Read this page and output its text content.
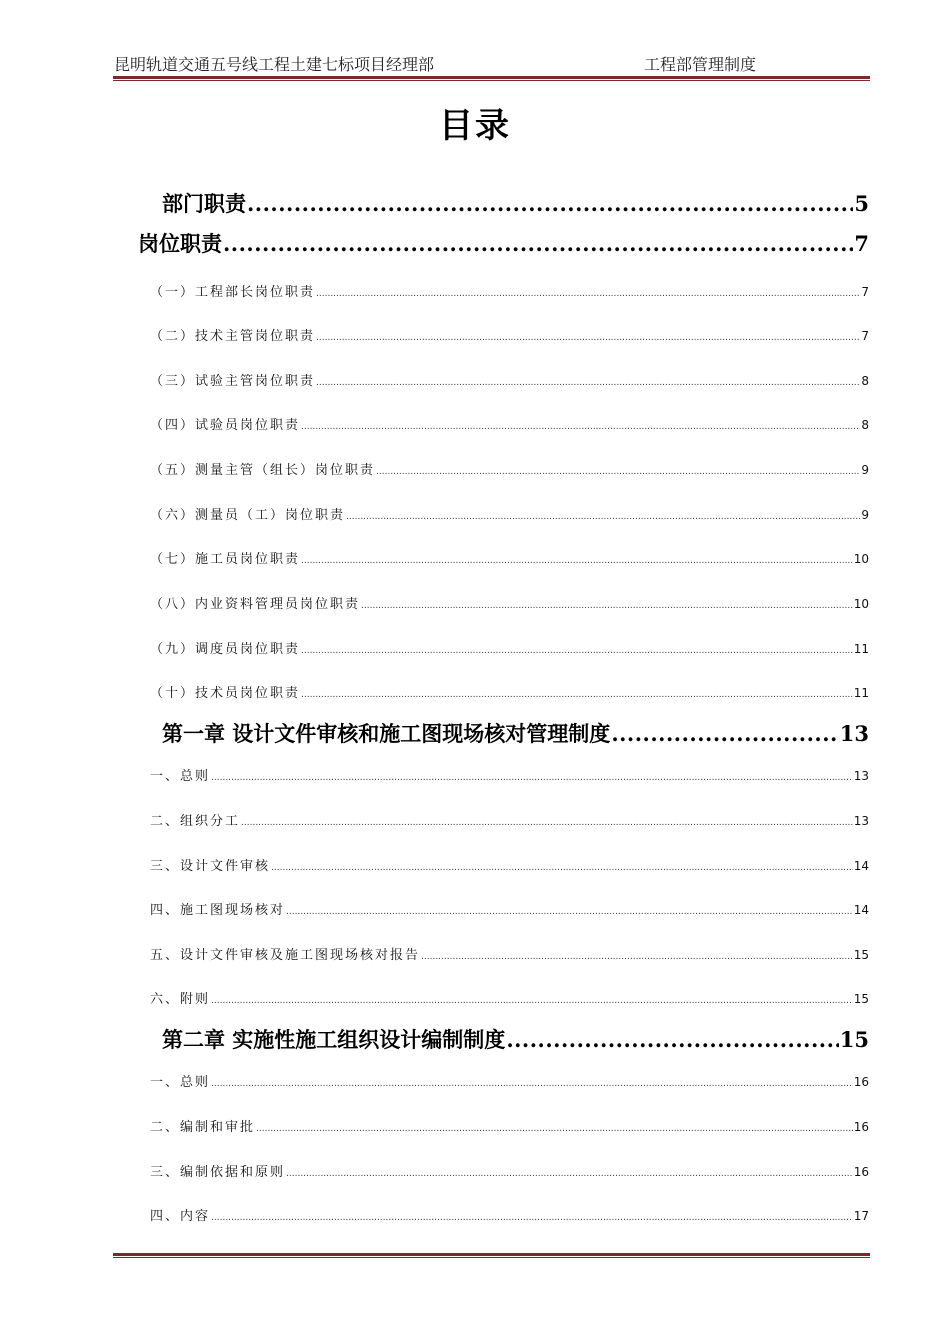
昆明轨道交通五号线工程土建七标项目经理部	工程部管理制度
目录
部门职责 .....	5
岗位职责 .....	7
（一）工程部长岗位职责 .....	7
（二）技术主管岗位职责 .....	7
（三）试验主管岗位职责 .....	8
（四）试验员岗位职责 .....	8
（五）测量主管（组长）岗位职责 .....	9
（六）测量员（工）岗位职责 .....	9
（七）施工员岗位职责 .....	10
（八）内业资料管理员岗位职责 .....	10
（九）调度员岗位职责 .....	11
（十）技术员岗位职责 .....	11
第一章 设计文件审核和施工图现场核对管理制度 .....	13
一、总则 .....	13
二、组织分工 .....	13
三、设计文件审核 .....	14
四、施工图现场核对 .....	14
五、设计文件审核及施工图现场核对报告 .....	15
六、附则 .....	15
第二章 实施性施工组织设计编制制度 .....	15
一、总则 .....	16
二、编制和审批 .....	16
三、编制依据和原则 .....	16
四、内容 .....	17
